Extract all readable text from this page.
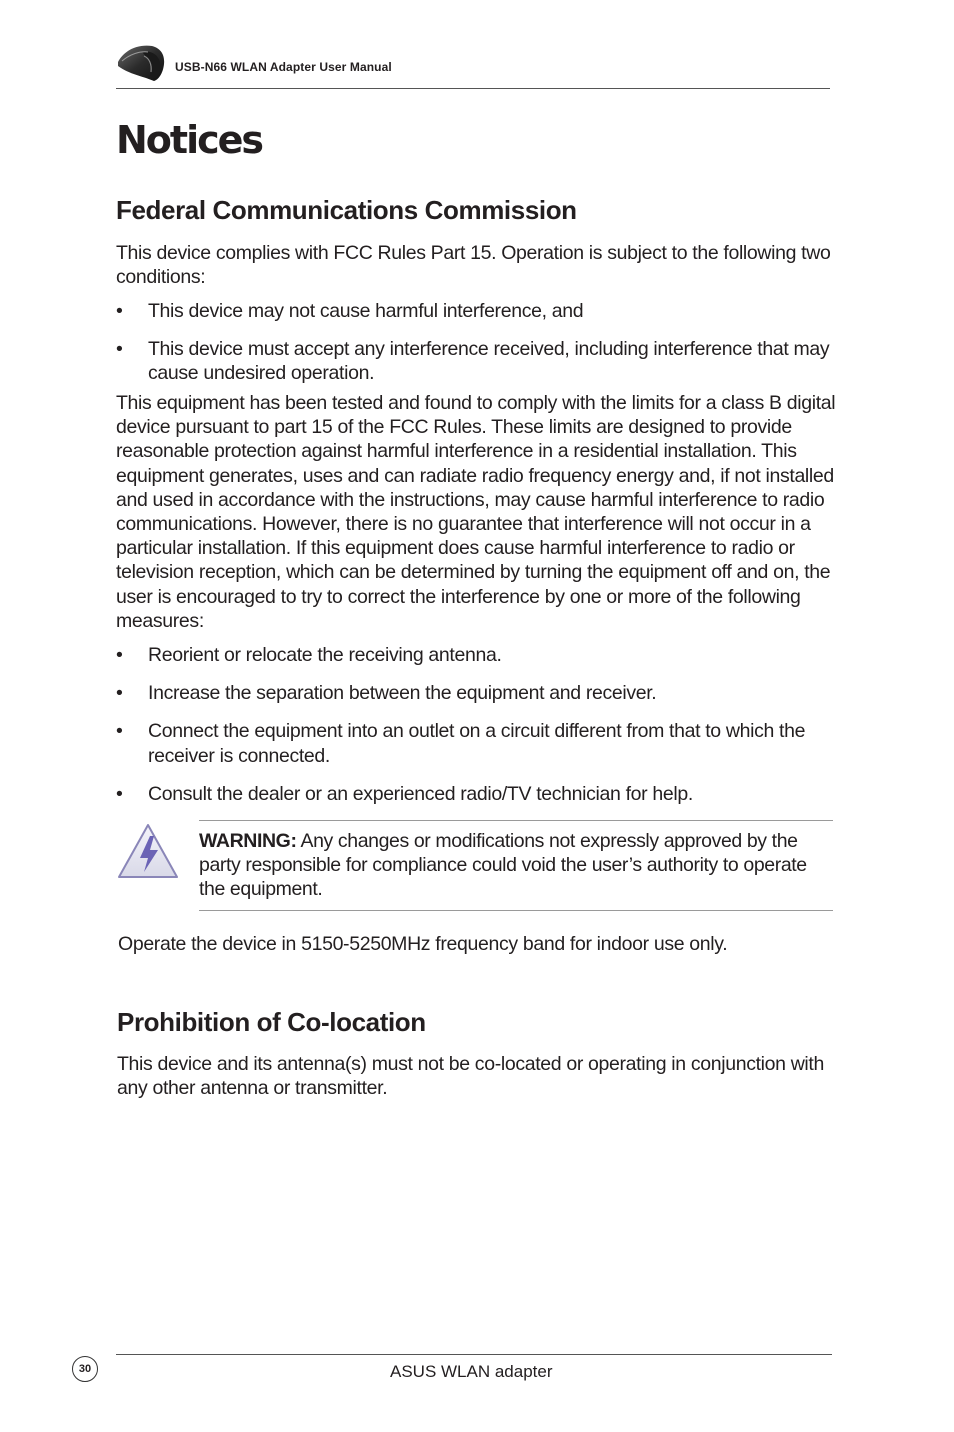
USB-N66 WLAN Adapter User Manual
Notices
Federal Communications Commission

This device complies with FCC Rules Part 15. Operation is subject to the following two conditions:

• This device may not cause harmful interference, and
• This device must accept any interference received, including interference that may cause undesired operation.

This equipment has been tested and found to comply with the limits for a class B digital device pursuant to part 15 of the FCC Rules. These limits are designed to provide reasonable protection against harmful interference in a residential installation. This equipment generates, uses and can radiate radio frequency energy and, if not installed and used in accordance with the instructions, may cause harmful interference to radio communications. However, there is no guarantee that interference will not occur in a particular installation. If this equipment does cause harmful interference to radio or television reception, which can be determined by turning the equipment off and on, the user is encouraged to try to correct the interference by one or more of the following measures:

• Reorient or relocate the receiving antenna.
• Increase the separation between the equipment and receiver.
• Connect the equipment into an outlet on a circuit different from that to which the receiver is connected.
• Consult the dealer or an experienced radio/TV technician for help.
WARNING: Any changes or modifications not expressly approved by the party responsible for compliance could void the user’s authority to operate the equipment.

Operate the device in 5150-5250MHz frequency band for indoor use only.

Prohibition of Co-location

This device and its antenna(s) must not be co-located or operating in conjunction with any other antenna or transmitter.

30	ASUS WLAN adapter
